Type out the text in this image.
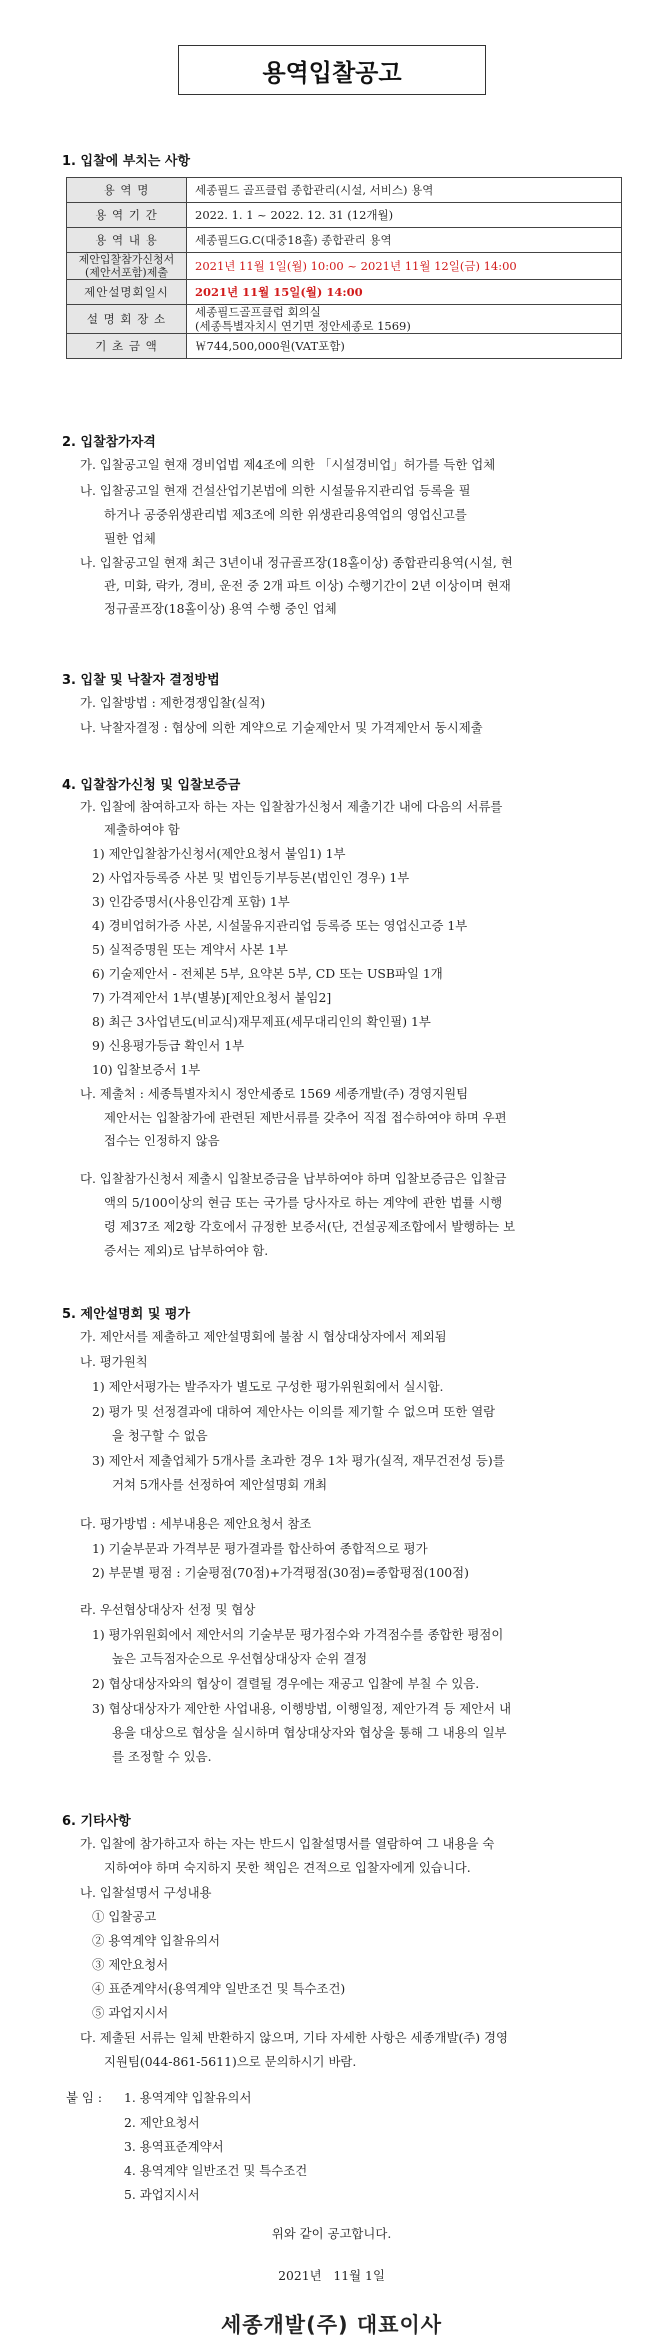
용역입찰공고
1. 입찰에 부치는 사항
용 역 명	세종필드 골프클럽 종합관리(시설, 서비스) 용역
용 역 기 간	2022. 1. 1 ~ 2022. 12. 31 (12개월)
용 역 내 용	세종필드G.C(대중18홀) 종합관리 용역
제안입찰참가신청서 (제안서포함)제출	2021년 11월 1일(월) 10:00 ~ 2021년 11월 12일(금) 14:00
제안설명회일시	2021년 11월 15일(월) 14:00
설 명 회 장 소	세종필드골프클럽 회의실
(세종특별자치시 연기면 정안세종로 1569)

기 초 금 액	￦744,500,000원(VAT포함)
2. 입찰참가자격
가. 입찰공고일 현재 경비업법 제4조에 의한 「시설경비업」허가를 득한 업체
나. 입찰공고일 현재 건설산업기본법에 의한 시설물유지관리업 등록을 필
하거나 공중위생관리법 제3조에 의한 위생관리용역업의 영업신고를
필한 업체
나. 입찰공고일 현재 최근 3년이내 정규골프장(18홀이상) 종합관리용역(시설, 현
관, 미화, 락카, 경비, 운전 중 2개 파트 이상) 수행기간이 2년 이상이며 현재
정규골프장(18홀이상) 용역 수행 중인 업체
3. 입찰 및 낙찰자 결정방법
가. 입찰방법 : 제한경쟁입찰(실적)
나. 낙찰자결정 : 협상에 의한 계약으로 기술제안서 및 가격제안서 동시제출
4. 입찰참가신청 및 입찰보증금
가. 입찰에 참여하고자 하는 자는 입찰참가신청서 제출기간 내에 다음의 서류를
제출하여야 함
1) 제안입찰참가신청서(제안요청서 붙임1) 1부
2) 사업자등록증 사본 및 법인등기부등본(법인인 경우) 1부
3) 인감증명서(사용인감계 포함) 1부
4) 경비업허가증 사본, 시설물유지관리업 등록증 또는 영업신고증 1부
5) 실적증명원 또는 계약서 사본 1부
6) 기술제안서 - 전체본 5부, 요약본 5부, CD 또는 USB파일 1개
7) 가격제안서 1부(별봉)[제안요청서 붙임2]
8) 최근 3사업년도(비교식)재무제표(세무대리인의 확인필) 1부
9) 신용평가등급 확인서 1부
10) 입찰보증서 1부
나. 제출처 : 세종특별자치시 정안세종로 1569 세종개발(주) 경영지원팀
제안서는 입찰참가에 관련된 제반서류를 갖추어 직접 접수하여야 하며 우편
접수는 인정하지 않음
다. 입찰참가신청서 제출시 입찰보증금을 납부하여야 하며 입찰보증금은 입찰금
액의 5/100이상의 현금 또는 국가를 당사자로 하는 계약에 관한 법률 시행
령 제37조 제2항 각호에서 규정한 보증서(단, 건설공제조합에서 발행하는 보
증서는 제외)로 납부하여야 함.
5. 제안설명회 및 평가
가. 제안서를 제출하고 제안설명회에 불참 시 협상대상자에서 제외됨
나. 평가원칙
1) 제안서평가는 발주자가 별도로 구성한 평가위원회에서 실시함.
2) 평가 및 선정결과에 대하여 제안사는 이의를 제기할 수 없으며 또한 열람
을 청구할 수 없음
3) 제안서 제출업체가 5개사를 초과한 경우 1차 평가(실적, 재무건전성 등)를
거쳐 5개사를 선정하여 제안설명회 개최
다. 평가방법 : 세부내용은 제안요청서 참조
1) 기술부문과 가격부문 평가결과를 합산하여 종합적으로 평가
2) 부문별 평점 : 기술평점(70점)+가격평점(30점)=종합평점(100점)
라. 우선협상대상자 선정 및 협상
1) 평가위원회에서 제안서의 기술부문 평가점수와 가격점수를 종합한 평점이
높은 고득점자순으로 우선협상대상자 순위 결정
2) 협상대상자와의 협상이 결렬될 경우에는 재공고 입찰에 부칠 수 있음.
3) 협상대상자가 제안한 사업내용, 이행방법, 이행일정, 제안가격 등 제안서 내
용을 대상으로 협상을 실시하며 협상대상자와 협상을 통해 그 내용의 일부
를 조정할 수 있음.
6. 기타사항
가. 입찰에 참가하고자 하는 자는 반드시 입찰설명서를 열람하여 그 내용을 숙
지하여야 하며 숙지하지 못한 책임은 견적으로 입찰자에게 있습니다.
나. 입찰설명서 구성내용
① 입찰공고
② 용역계약 입찰유의서
③ 제안요청서
④ 표준계약서(용역계약 일반조건 및 특수조건)
⑤ 과업지시서
다. 제출된 서류는 일체 반환하지 않으며, 기타 자세한 사항은 세종개발(주) 경영
지원팀(044-861-5611)으로 문의하시기 바람.
붙 임 : 1. 용역계약 입찰유의서
2. 제안요청서
3. 용역표준계약서
4. 용역계약 일반조건 및 특수조건
5. 과업지시서
위와 같이 공고합니다.
2021년   11월 1일
세종개발(주) 대표이사
